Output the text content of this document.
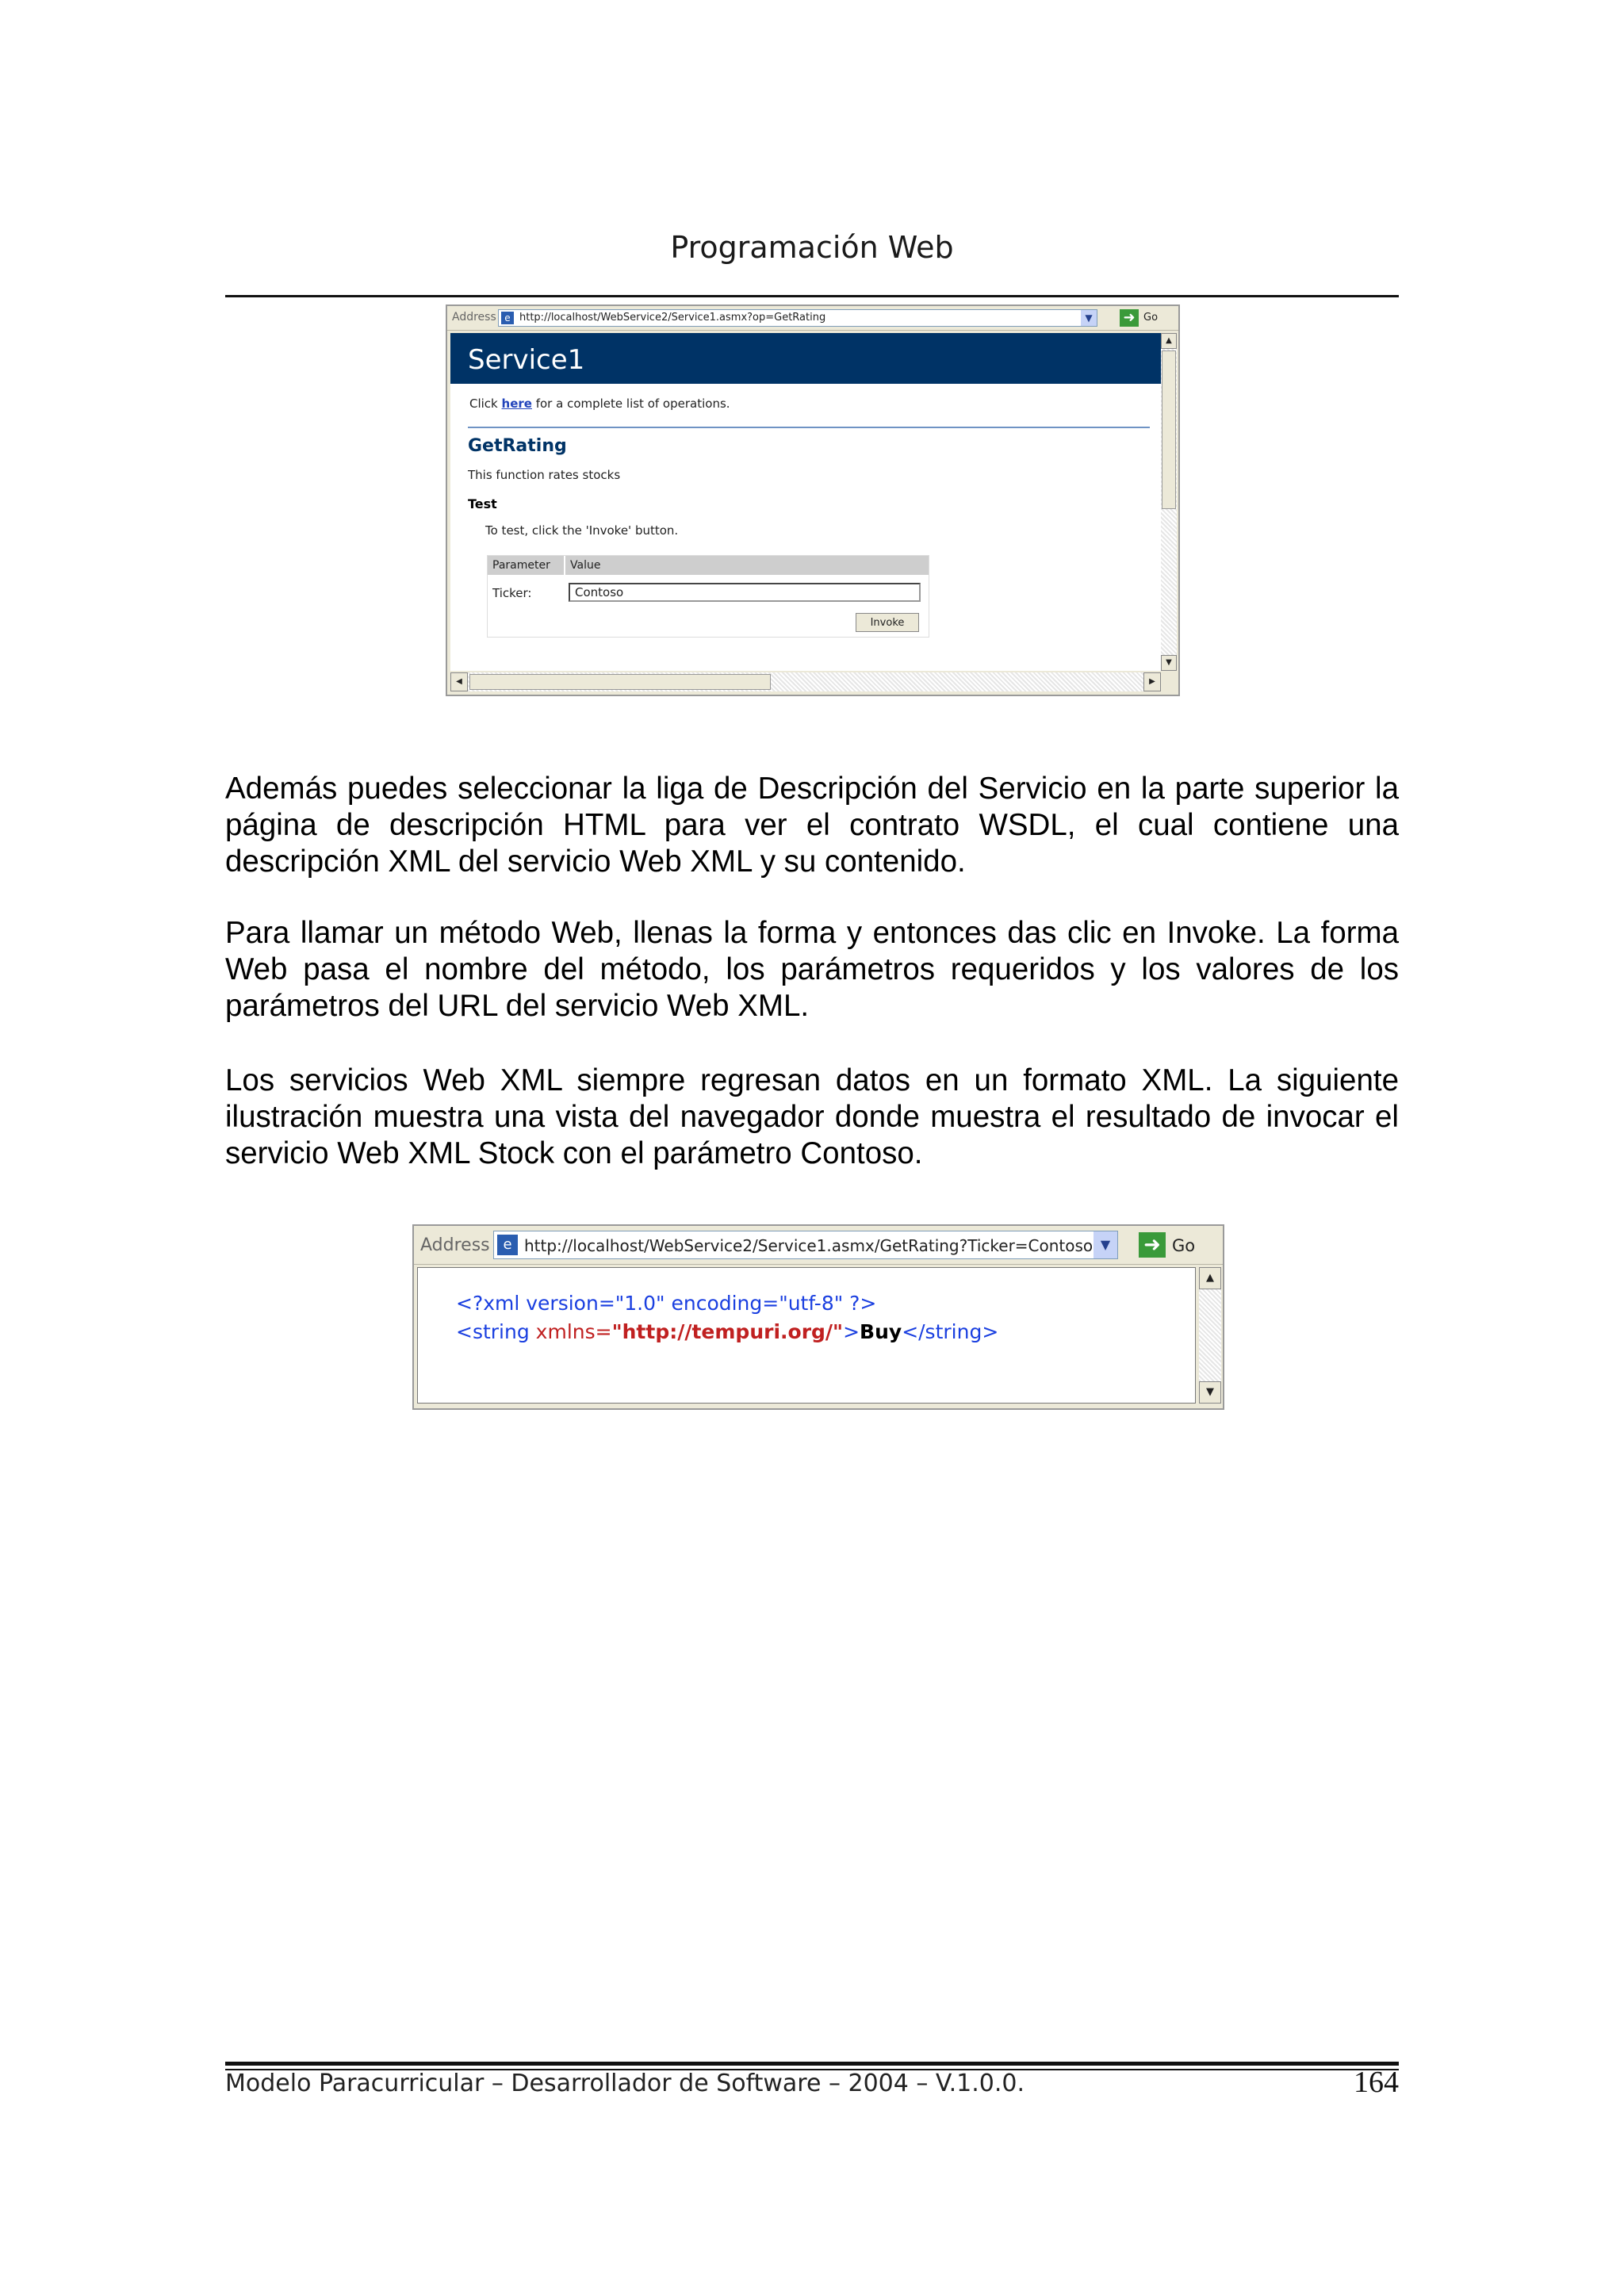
Programación Web
Address e http://localhost/WebService2/Service1.asmx?op=GetRating	▼ ➜ Go
Service1
Click here for a complete list of operations.
GetRating
This function rates stocks
Test
To test, click the 'Invoke' button.
Parameter Value
Ticker:	Contoso
Invoke
▲
▼
◀	▶

Además puedes seleccionar la liga de Descripción del Servicio en la parte superior la página de descripción HTML para ver el contrato WSDL, el cual contiene una descripción XML del servicio Web XML y su contenido.

Para llamar un método Web, llenas la forma y entonces das clic en Invoke. La forma Web pasa el nombre del método, los parámetros requeridos y los valores de los parámetros del URL del servicio Web XML.

Los servicios Web XML siempre regresan datos en un formato XML. La siguiente ilustración muestra una vista del navegador donde muestra el resultado de invocar el servicio Web XML Stock con el parámetro Contoso.

Address e http://localhost/WebService2/Service1.asmx/GetRating?Ticker=Contoso ▼	➜ Go
<?xml version="1.0" encoding="utf-8" ?>
<string xmlns="http://tempuri.org/">Buy</string>
▲
▼
Modelo Paracurricular – Desarrollador de Software – 2004 – V.1.0.0.	164
